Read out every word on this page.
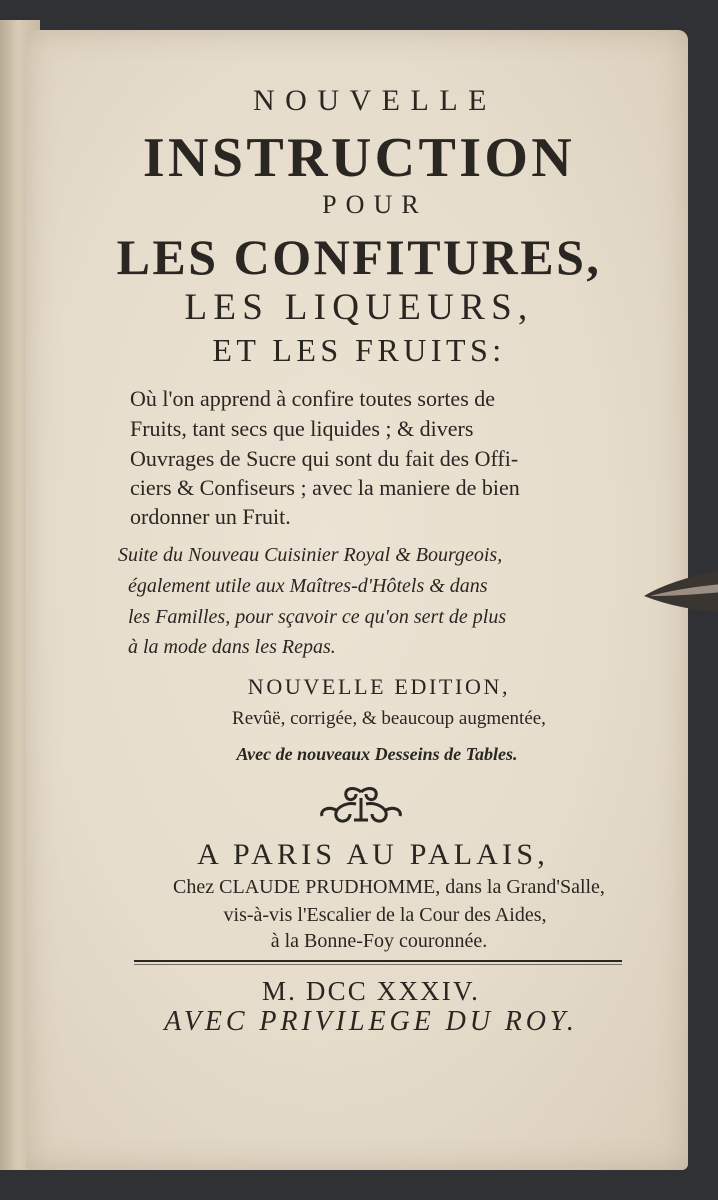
NOUVELLE
INSTRUCTION
POUR
LES CONFITURES,
LES LIQUEURS,
ET LES FRUITS:
Où l'on apprend à confire toutes sortes de
Fruits, tant secs que liquides ; & divers
Ouvrages de Sucre qui sont du fait des Offi-
ciers & Confiseurs ; avec la maniere de bien
ordonner un Fruit.
Suite du Nouveau Cuisinier Royal & Bourgeois,
également utile aux Maîtres-d'Hôtels & dans
les Familles, pour sçavoir ce qu'on sert de plus
à la mode dans les Repas.
NOUVELLE EDITION,
Revûë, corrigée, & beaucoup augmentée,
Avec de nouveaux Desseins de Tables.
A PARIS AU PALAIS,
Chez CLAUDE PRUDHOMME, dans la Grand'Salle,
vis-à-vis l'Escalier de la Cour des Aides,
à la Bonne-Foy couronnée.
M. DCC XXXIV.
AVEC PRIVILEGE DU ROY.
